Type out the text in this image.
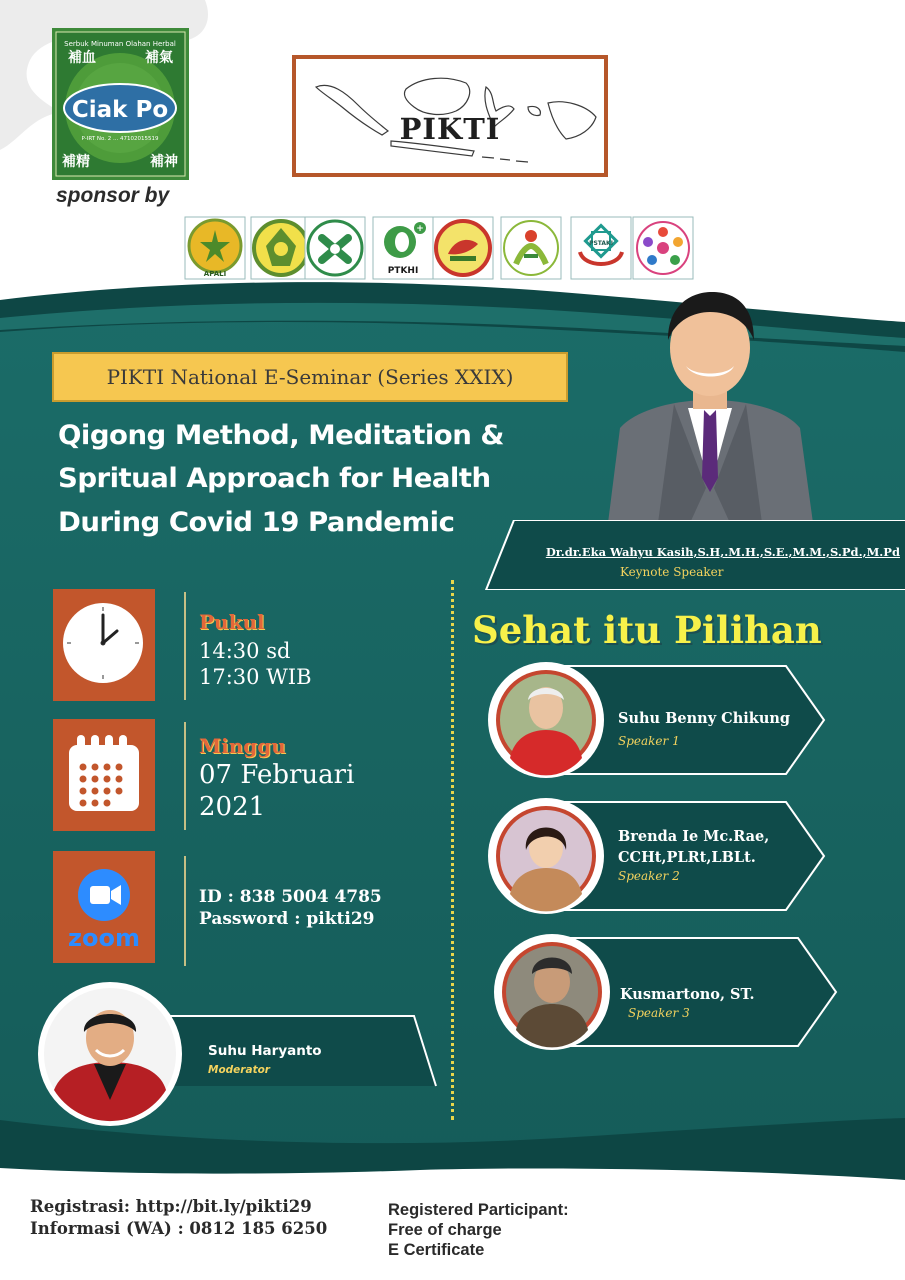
Ciak Po
Serbuk Minuman Olahan Herbal
P-IRT No. 2 ... 47102015519
補血	補氣
補精	補神
sponsor by
PIKTI
APALI
+
PTKHI
PSTAKI
PIKTI National E-Seminar (Series XXIX)
Qigong Method, Meditation &
Spritual Approach for Health
During Covid 19 Pandemic
Dr.dr.Eka Wahyu Kasih,S.H,.M.H.,S.E.,M.M.,S.Pd.,M.Pd
Keynote Speaker
Pukul
14:30 sd
17:30 WIB
Minggu
07 Februari
2021
zoom
ID : 838 5004 4785
Password : pikti29
Sehat itu Pilihan
Suhu Benny Chikung
Speaker 1
Brenda Ie Mc.Rae,
CCHt,PLRt,LBLt.
Speaker 2
Kusmartono, ST.
Speaker 3
Suhu Haryanto
Moderator
Registrasi: http://bit.ly/pikti29
Informasi (WA) : 0812 185 6250
Registered Participant:
Free of charge
E Certificate
